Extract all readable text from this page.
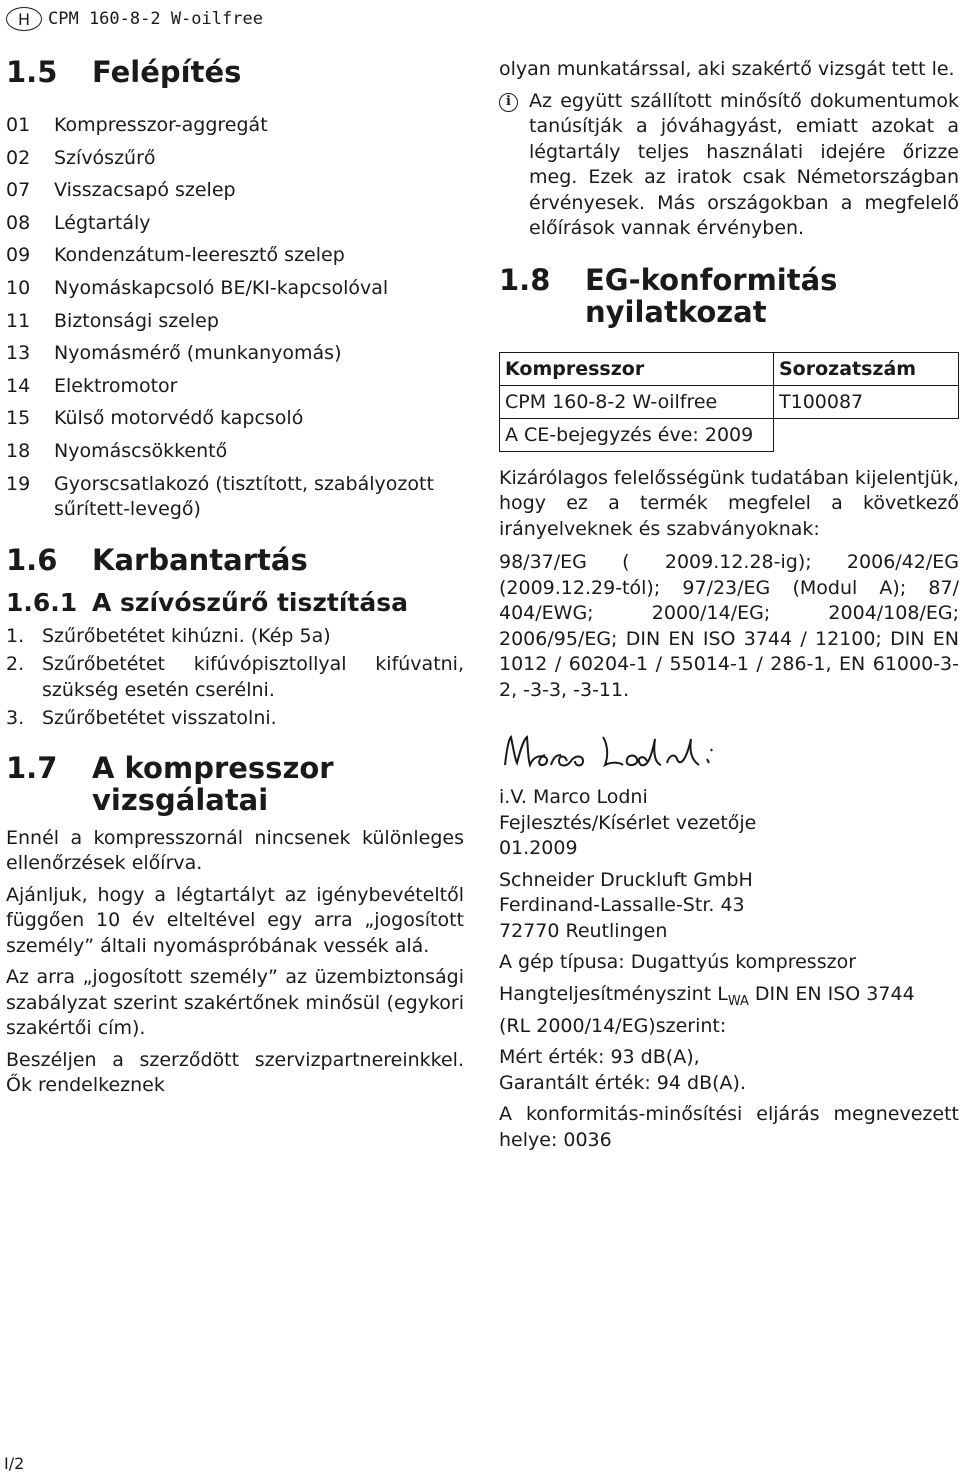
H	CPM 160-8-2 W-oilfree
1.5	Felépítés
01	Kompresszor-aggregát
02	Szívószűrő
07	Visszacsapó szelep
08	Légtartály
09	Kondenzátum-leeresztő szelep
10	Nyomáskapcsoló BE/KI-kapcsolóval
11	Biztonsági szelep
13	Nyomásmérő (munkanyomás)
14	Elektromotor
15	Külső motorvédő kapcsoló
18	Nyomáscsökkentő
19	Gyorscsatlakozó (tisztított, szabályozott sűrített-levegő)
1.6	Karbantartás
1.6.1 A szívószűrő tisztítása
1. Szűrőbetétet kihúzni. (Kép 5a)
2. Szűrőbetétet kifúvópisztollyal kifúvatni, szükség esetén cserélni.
3. Szűrőbetétet visszatolni.
1.7	A kompresszor vizsgálatai

Ennél a kompresszornál nincsenek különleges ellenőrzések előírva.

Ajánljuk, hogy a légtartályt az igénybevételtől függően 10 év elteltével egy arra „jogosított személy” általi nyomáspróbának vessék alá.

Az arra „jogosított személy” az üzembiztonsági szabályzat szerint szakértőnek minősül (egykori szakértői cím).

Beszéljen a szerződött szervizpartnereinkkel. Ők rendelkeznek

olyan munkatárssal, aki szakértő vizsgát tett le.

i Az együtt szállított minősítő dokumentumok tanúsítják a jóváhagyást, emiatt azokat a légtartály teljes használati idejére őrizze meg. Ezek az iratok csak Németországban érvényesek. Más országokban a megfelelő előírások vannak érvényben.

1.8	EG-konformitás nyilatkozat
Kompresszor	Sorozatszám
CPM 160-8-2 W-oilfree	T100087
A CE-bejegyzés éve: 2009	

Kizárólagos felelősségünk tudatában kijelentjük, hogy ez a termék megfelel a következő irányelveknek és szabványoknak:

98/37/EG ( 2009.12.28-ig); 2006/42/EG (2009.12.29-tól); 97/23/EG (Modul A); 87/ 404/EWG; 2000/14/EG; 2004/108/EG; 2006/95/EG; DIN EN ISO 3744 / 12100; DIN EN 1012 / 60204-1 / 55014-1 / 286-1, EN 61000-3-2, -3-3, -3-11.

i.V. Marco Lodni

Fejlesztés/Kísérlet vezetője

01.2009

Schneider Druckluft GmbH

Ferdinand-Lassalle-Str. 43

72770 Reutlingen

A gép típusa: Dugattyús kompresszor

Hangteljesítményszint $L_{WA}$ DIN EN ISO 3744

(RL 2000/14/EG)szerint:

Mért érték: 93 dB(A),

Garantált érték: 94 dB(A).

A konformitás-minősítési eljárás megnevezett helye: 0036

I/2
